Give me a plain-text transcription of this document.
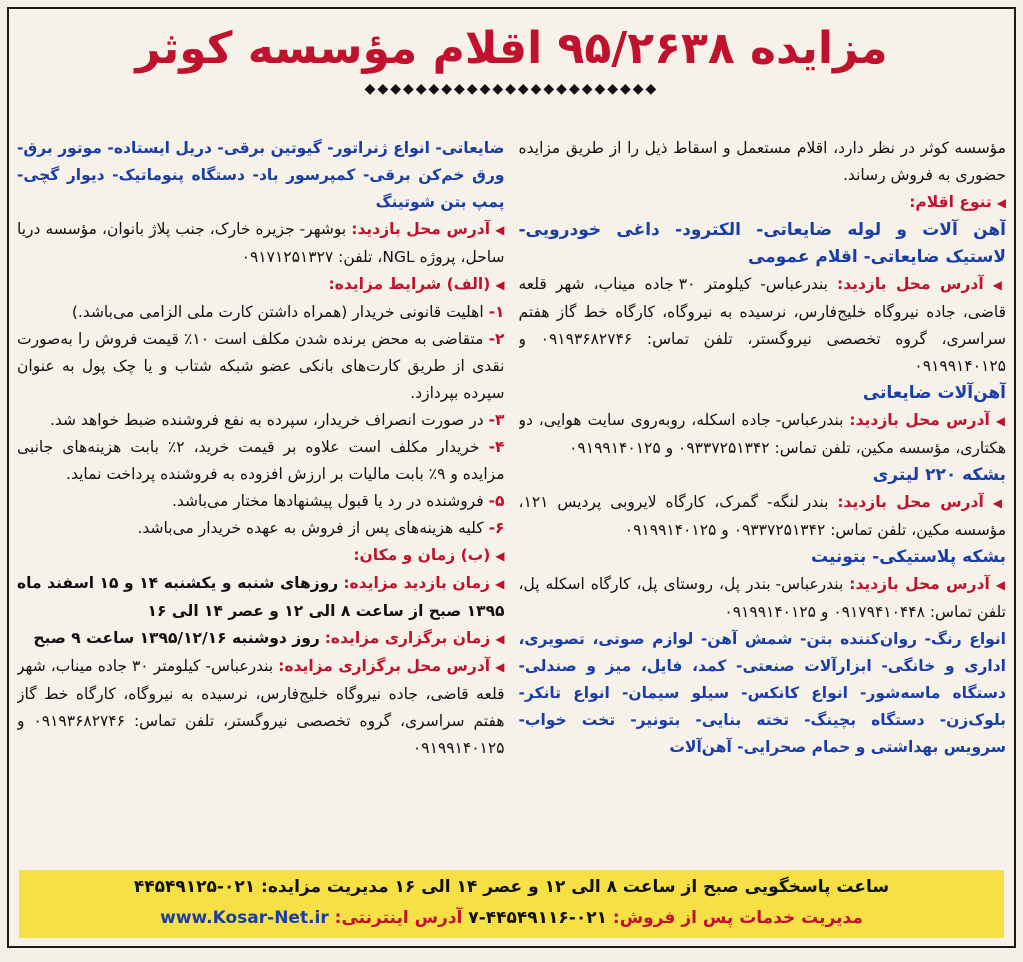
مزایده ۹۵/۲۶۳۸ اقلام مؤسسه کوثر
◆◆◆◆◆◆◆◆◆◆◆◆◆◆◆◆◆◆◆◆◆◆◆

مؤسسه کوثر در نظر دارد، اقلام مستعمل و اسقاط ذیل را از طریق مزایده حضوری به فروش رساند.

◀ تنوع اقلام:

آهن آلات و لوله ضایعاتی- الکترود- داغی خودرویی- لاستیک ضایعاتی- اقلام عمومی

◀ آدرس محل بازدید: بندرعباس- کیلومتر ۳۰ جاده میناب، شهر قلعه قاضی، جاده نیروگاه خلیج‌فارس، نرسیده به نیروگاه، کارگاه خط گاز هفتم سراسری، گروه تخصصی نیروگستر، تلفن تماس: ۰۹۱۹۳۶۸۲۷۴۶ و ۰۹۱۹۹۱۴۰۱۲۵

آهن‌آلات ضایعاتی

◀ آدرس محل بازدید: بندرعباس- جاده اسکله، روبه‌روی سایت هوایی، دو هکتاری، مؤسسه مکین، تلفن تماس: ۰۹۳۳۷۲۵۱۳۴۲ و ۰۹۱۹۹۱۴۰۱۲۵

بشکه ۲۲۰ لیتری

◀ آدرس محل بازدید: بندر لنگه- گمرک، کارگاه لایروبی پردیس ۱۲۱، مؤسسه مکین، تلفن تماس: ۰۹۳۳۷۲۵۱۳۴۲ و ۰۹۱۹۹۱۴۰۱۲۵

بشکه پلاستیکی- بتونیت

◀ آدرس محل بازدید: بندرعباس- بندر پل، روستای پل، کارگاه اسکله پل، تلفن تماس: ۰۹۱۷۹۴۱۰۴۴۸ و ۰۹۱۹۹۱۴۰۱۲۵

انواع رنگ- روان‌کننده بتن- شمش آهن- لوازم صوتی، تصویری، اداری و خانگی- ابزارآلات صنعتی- کمد، فایل، میز و صندلی- دستگاه ماسه‌شور- انواع کانکس- سیلو سیمان- انواع تانکر- بلوک‌زن- دستگاه بچینگ- تخته بنایی- بتونیر- تخت خواب- سرویس بهداشتی و حمام صحرایی- آهن‌آلات

ضایعاتی- انواع ژنراتور- گیوتین برقی- دریل ایستاده- موتور برق- ورق خم‌کن برقی- کمپرسور باد- دستگاه پنوماتیک- دیوار گچی- پمپ بتن شوتینگ

◀ آدرس محل بازدید: بوشهر- جزیره خارک، جنب پلاژ بانوان، مؤسسه دریا ساحل، پروژه NGL، تلفن: ۰۹۱۷۱۲۵۱۳۲۷

◀ (الف) شرایط مزایده:

۱- اهلیت قانونی خریدار (همراه داشتن کارت ملی الزامی می‌باشد.)

۲- متقاضی به محض برنده شدن مکلف است ۱۰٪ قیمت فروش را به‌صورت نقدی از طریق کارت‌های بانکی عضو شبکه شتاب و یا چک پول به عنوان سپرده بپردازد.

۳- در صورت انصراف خریدار، سپرده به نفع فروشنده ضبط خواهد شد.

۴- خریدار مکلف است علاوه بر قیمت خرید، ۲٪ بابت هزینه‌های جانبی مزایده و ۹٪ بابت مالیات بر ارزش افزوده به فروشنده پرداخت نماید.

۵- فروشنده در رد یا قبول پیشنهادها مختار می‌باشد.

۶- کلیه هزینه‌های پس از فروش به عهده خریدار می‌باشد.

◀ (ب) زمان و مکان:

◀ زمان بازدید مزایده: روزهای شنبه و یکشنبه ۱۴ و ۱۵ اسفند ماه ۱۳۹۵ صبح از ساعت ۸ الی ۱۲ و عصر ۱۴ الی ۱۶

◀ زمان برگزاری مزایده: روز دوشنبه ۱۳۹۵/۱۲/۱۶ ساعت ۹ صبح

◀ آدرس محل برگزاری مزایده: بندرعباس- کیلومتر ۳۰ جاده میناب، شهر قلعه قاضی، جاده نیروگاه خلیج‌فارس، نرسیده به نیروگاه، کارگاه خط گاز هفتم سراسری، گروه تخصصی نیروگستر، تلفن تماس: ۰۹۱۹۳۶۸۲۷۴۶ و ۰۹۱۹۹۱۴۰۱۲۵

ساعت پاسخگویی صبح از ساعت ۸ الی ۱۲ و عصر ۱۴ الی ۱۶ مدیریت مزایده: ۰۲۱-۴۴۵۴۹۱۲۵
مدیریت خدمات پس از فروش: ۰۲۱-۴۴۵۴۹۱۱۶-۷ آدرس اینترنتی: www.Kosar-Net.ir
